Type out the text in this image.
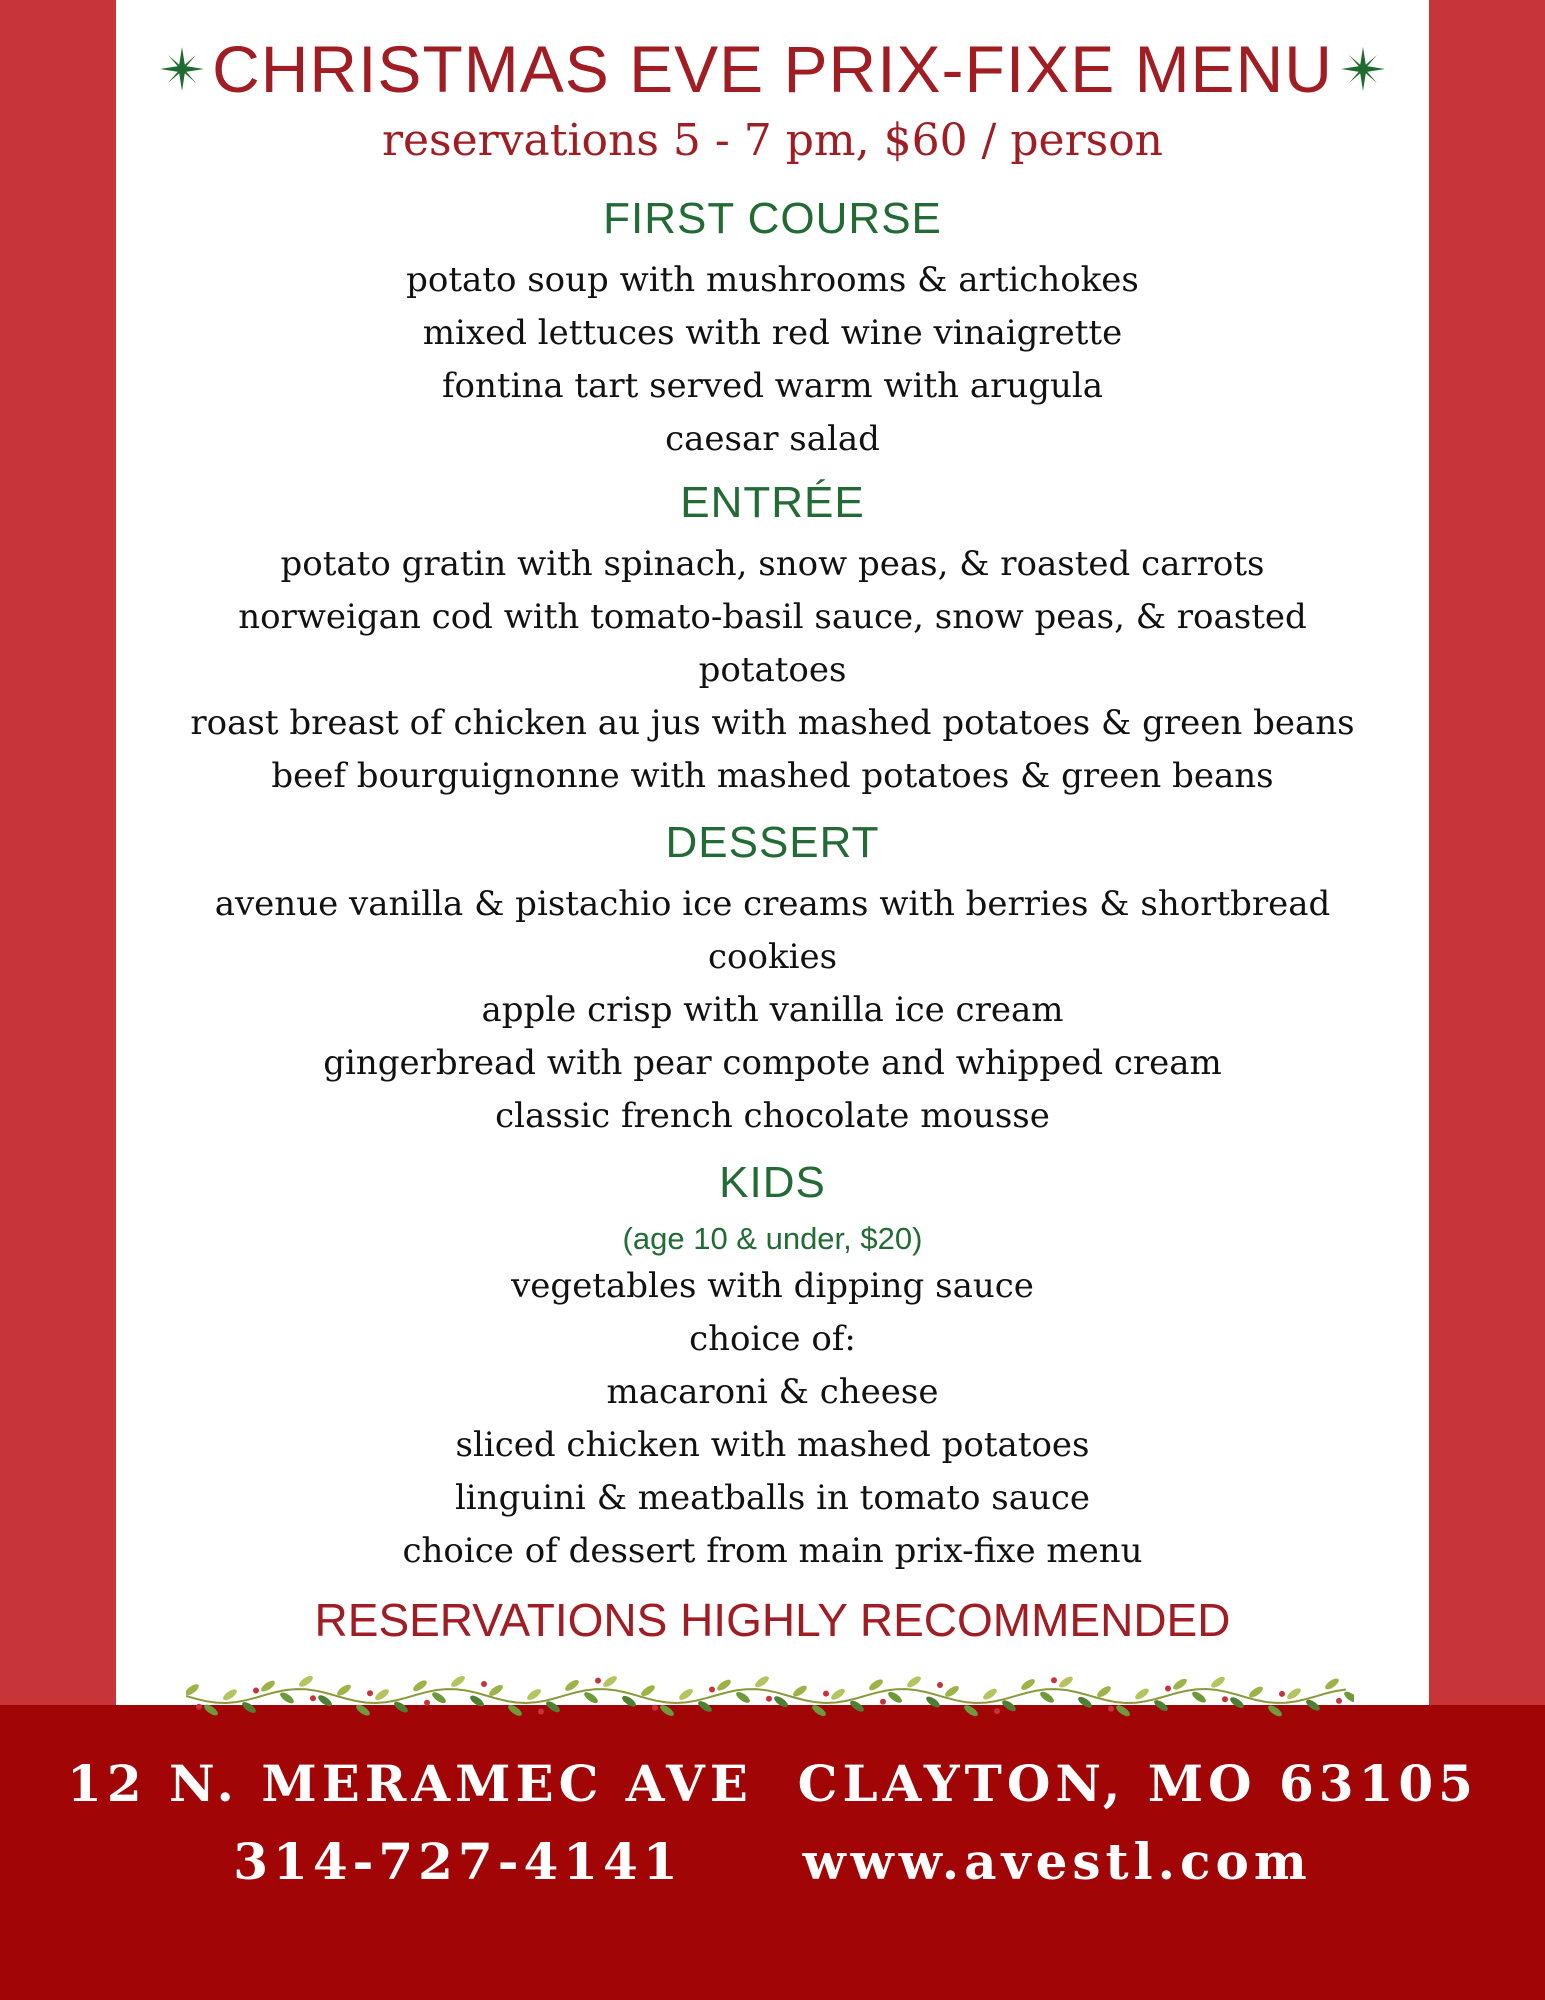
CHRISTMAS EVE PRIX-FIXE MENU
reservations 5 - 7 pm, $60 / person
FIRST COURSE
potato soup with mushrooms & artichokes
mixed lettuces with red wine vinaigrette
fontina tart served warm with arugula
caesar salad
ENTRÉE
potato gratin with spinach, snow peas, & roasted carrots
norweigan cod with tomato-basil sauce, snow peas, & roasted
potatoes
roast breast of chicken au jus with mashed potatoes & green beans
beef bourguignonne with mashed potatoes & green beans
DESSERT
avenue vanilla & pistachio ice creams with berries & shortbread
cookies
apple crisp with vanilla ice cream
gingerbread with pear compote and whipped cream
classic french chocolate mousse
KIDS
(age 10 & under, $20)
vegetables with dipping sauce
choice of:
macaroni & cheese
sliced chicken with mashed potatoes
linguini & meatballs in tomato sauce
choice of dessert from main prix-fixe menu
RESERVATIONS HIGHLY RECOMMENDED
12 N. MERAMEC AVE  CLAYTON, MO 63105
314-727-4141 www.avestl.com
